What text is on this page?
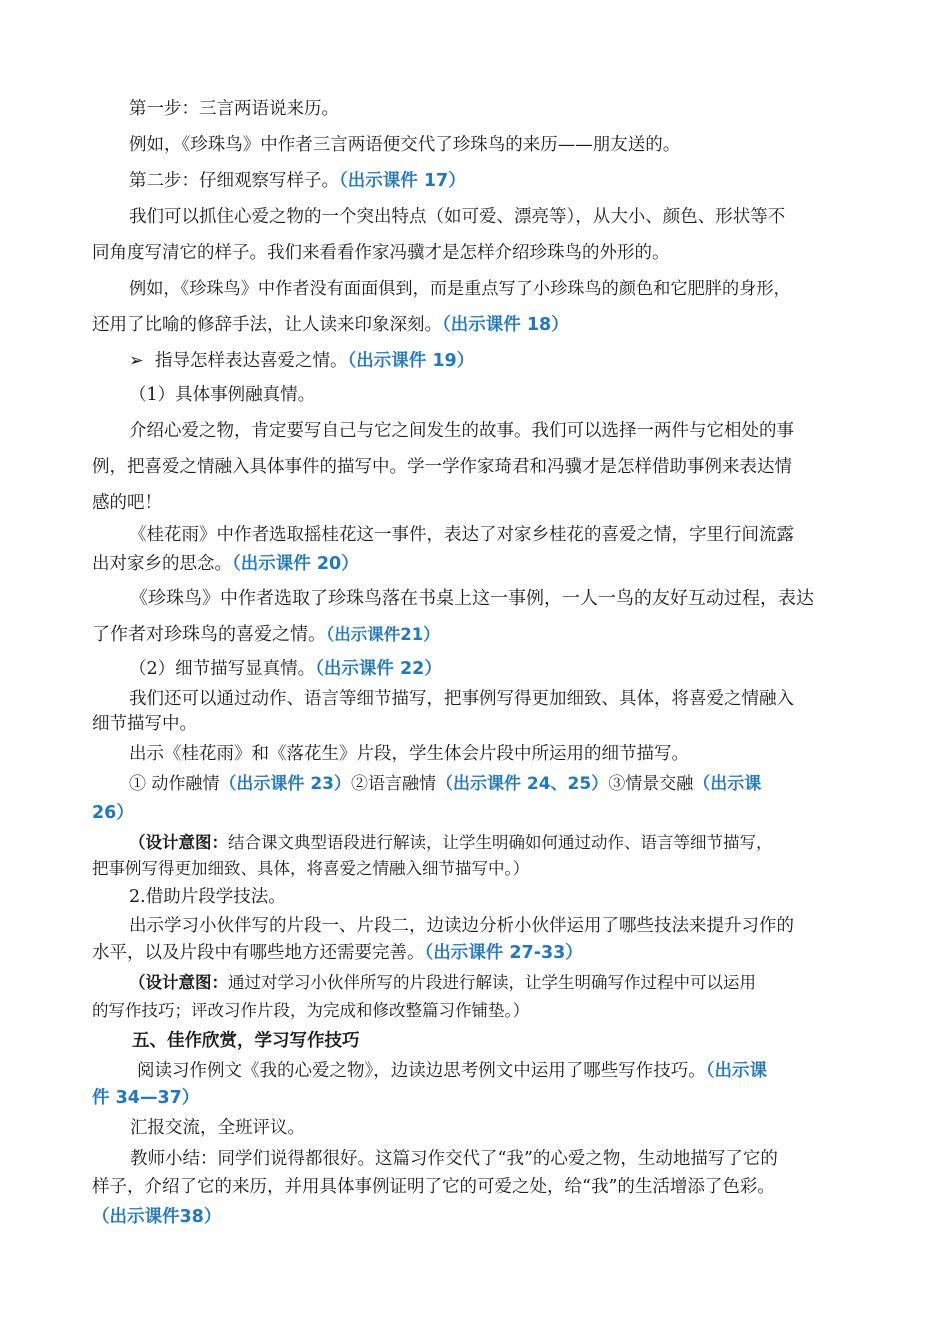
第一步：三言两语说来历。
例如，《珍珠鸟》中作者三言两语便交代了珍珠鸟的来历——朋友送的。
第二步：仔细观察写样子。（出示课件 17）
我们可以抓住心爱之物的一个突出特点（如可爱、漂亮等），从大小、颜色、形状等不
同角度写清它的样子。我们来看看作家冯骥才是怎样介绍珍珠鸟的外形的。
例如，《珍珠鸟》中作者没有面面俱到，而是重点写了小珍珠鸟的颜色和它肥胖的身形，
还用了比喻的修辞手法，让人读来印象深刻。（出示课件 18）
➢ 指导怎样表达喜爱之情。（出示课件 19）
（1）具体事例融真情。
介绍心爱之物，肯定要写自己与它之间发生的故事。我们可以选择一两件与它相处的事
例，把喜爱之情融入具体事件的描写中。学一学作家琦君和冯骥才是怎样借助事例来表达情
感的吧！
《桂花雨》中作者选取摇桂花这一事件，表达了对家乡桂花的喜爱之情，字里行间流露
出对家乡的思念。（出示课件 20）
《珍珠鸟》中作者选取了珍珠鸟落在书桌上这一事例，一人一鸟的友好互动过程，表达
了作者对珍珠鸟的喜爱之情。（出示课件21）
（2）细节描写显真情。（出示课件 22）
我们还可以通过动作、语言等细节描写，把事例写得更加细致、具体，将喜爱之情融入
细节描写中。
出示《桂花雨》和《落花生》片段，学生体会片段中所运用的细节描写。
① 动作融情（出示课件 23）②语言融情（出示课件 24、25）③情景交融（出示课
26）
（设计意图：结合课文典型语段进行解读，让学生明确如何通过动作、语言等细节描写，
把事例写得更加细致、具体，将喜爱之情融入细节描写中。）
2.借助片段学技法。
出示学习小伙伴写的片段一、片段二，边读边分析小伙伴运用了哪些技法来提升习作的
水平，以及片段中有哪些地方还需要完善。（出示课件 27-33）
（设计意图：通过对学习小伙伴所写的片段进行解读，让学生明确写作过程中可以运用
的写作技巧；评改习作片段，为完成和修改整篇习作铺垫。）
五、佳作欣赏，学习写作技巧
阅读习作例文《我的心爱之物》，边读边思考例文中运用了哪些写作技巧。（出示课
件 34—37）
汇报交流，全班评议。
教师小结：同学们说得都很好。这篇习作交代了“我”的心爱之物，生动地描写了它的
样子，介绍了它的来历，并用具体事例证明了它的可爱之处，给“我”的生活增添了色彩。
（出示课件38）
